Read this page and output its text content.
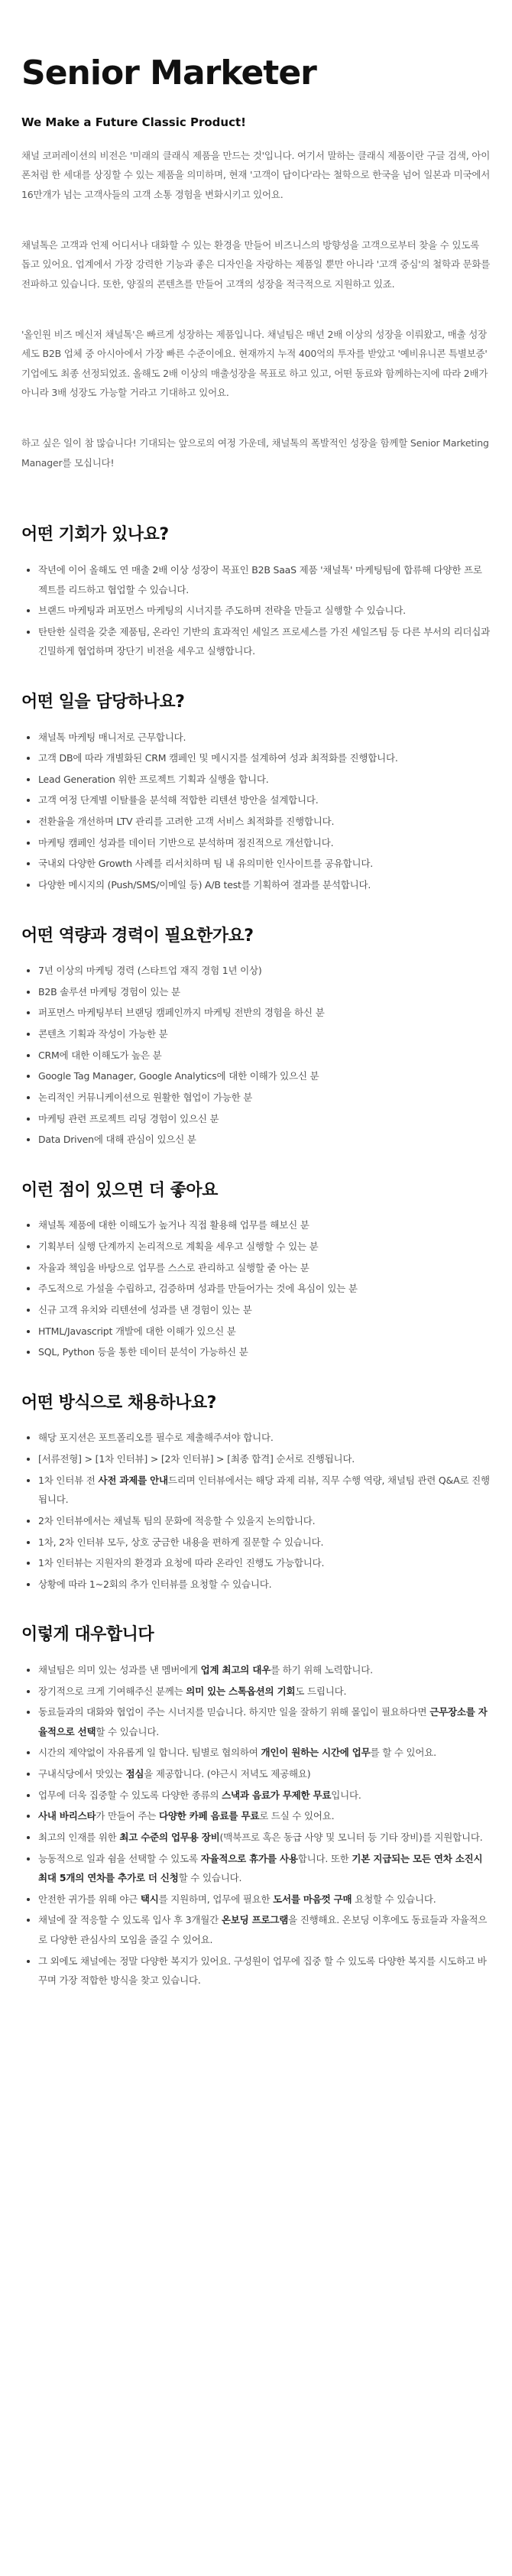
Senior Marketer

We Make a Future Classic Product!

채널 코퍼레이션의 비전은 '미래의 클래식 제품을 만드는 것'입니다. 여기서 말하는 클래식 제품이란 구글 검색, 아이폰처럼 한 세대를 상징할 수 있는 제품을 의미하며, 현재 '고객이 답이다'라는 철학으로 한국을 넘어 일본과 미국에서 16만개가 넘는 고객사들의 고객 소통 경험을 변화시키고 있어요.

채널톡은 고객과 언제 어디서나 대화할 수 있는 환경을 만들어 비즈니스의 방향성을 고객으로부터 찾을 수 있도록 돕고 있어요. 업계에서 가장 강력한 기능과 좋은 디자인을 자랑하는 제품일 뿐만 아니라 '고객 중심'의 철학과 문화를 전파하고 있습니다. 또한, 양질의 콘텐츠를 만들어 고객의 성장을 적극적으로 지원하고 있죠.

'올인원 비즈 메신저 채널톡'은 빠르게 성장하는 제품입니다. 채널팀은 매년 2배 이상의 성장을 이뤄왔고, 매출 성장세도 B2B 업체 중 아시아에서 가장 빠른 수준이에요. 현재까지 누적 400억의 투자를 받았고 '예비유니콘 특별보증' 기업에도 최종 선정되었죠. 올해도 2배 이상의 매출성장을 목표로 하고 있고, 어떤 동료와 함께하는지에 따라 2배가 아니라 3배 성장도 가능할 거라고 기대하고 있어요.

하고 싶은 일이 참 많습니다! 기대되는 앞으로의 여정 가운데, 채널톡의 폭발적인 성장을 함께할 Senior Marketing Manager를 모십니다!

어떤 기회가 있나요?
• 작년에 이어 올해도 연 매출 2배 이상 성장이 목표인 B2B SaaS 제품 '채널톡' 마케팅팀에 합류해 다양한 프로젝트를 리드하고 협업할 수 있습니다.
• 브랜드 마케팅과 퍼포먼스 마케팅의 시너지를 주도하며 전략을 만들고 실행할 수 있습니다.
• 탄탄한 실력을 갖춘 제품팀, 온라인 기반의 효과적인 세일즈 프로세스를 가진 세일즈팀 등 다른 부서의 리더십과 긴밀하게 협업하며 장단기 비전을 세우고 실행합니다.
어떤 일을 담당하나요?
• 채널톡 마케팅 매니저로 근무합니다.
• 고객 DB에 따라 개별화된 CRM 캠페인 및 메시지를 설계하여 성과 최적화를 진행합니다.
• Lead Generation 위한 프로젝트 기획과 실행을 합니다.
• 고객 여정 단계별 이탈률을 분석해 적합한 리텐션 방안을 설계합니다.
• 전환율을 개선하며 LTV 관리를 고려한 고객 서비스 최적화를 진행합니다.
• 마케팅 캠페인 성과를 데이터 기반으로 분석하며 점진적으로 개선합니다.
• 국내외 다양한 Growth 사례를 리서치하며 팀 내 유의미한 인사이트를 공유합니다.
• 다양한 메시지의 (Push/SMS/이메일 등) A/B test를 기획하여 결과를 분석합니다.
어떤 역량과 경력이 필요한가요?
• 7년 이상의 마케팅 경력 (스타트업 재직 경험 1년 이상)
• B2B 솔루션 마케팅 경험이 있는 분
• 퍼포먼스 마케팅부터 브랜딩 캠페인까지 마케팅 전반의 경험을 하신 분
• 콘텐츠 기획과 작성이 가능한 분
• CRM에 대한 이해도가 높은 분
• Google Tag Manager, Google Analytics에 대한 이해가 있으신 분
• 논리적인 커뮤니케이션으로 원활한 협업이 가능한 분
• 마케팅 관련 프로젝트 리딩 경험이 있으신 분
• Data Driven에 대해 관심이 있으신 분
이런 점이 있으면 더 좋아요
• 채널톡 제품에 대한 이해도가 높거나 직접 활용해 업무를 해보신 분
• 기획부터 실행 단계까지 논리적으로 계획을 세우고 실행할 수 있는 분
• 자율과 책임을 바탕으로 업무를 스스로 관리하고 실행할 줄 아는 분
• 주도적으로 가설을 수립하고, 검증하며 성과를 만들어가는 것에 욕심이 있는 분
• 신규 고객 유치와 리텐션에 성과를 낸 경험이 있는 분
• HTML/Javascript 개발에 대한 이해가 있으신 분
• SQL, Python 등을 통한 데이터 분석이 가능하신 분
어떤 방식으로 채용하나요?
• 해당 포지션은 포트폴리오를 필수로 제출해주셔야 합니다.
• [서류전형] > [1차 인터뷰] > [2차 인터뷰] > [최종 합격] 순서로 진행됩니다.
• 1차 인터뷰 전 사전 과제를 안내드리며 인터뷰에서는 해당 과제 리뷰, 직무 수행 역량, 채널팀 관련 Q&A로 진행됩니다.
• 2차 인터뷰에서는 채널톡 팀의 문화에 적응할 수 있을지 논의합니다.
• 1차, 2차 인터뷰 모두, 상호 궁금한 내용을 편하게 질문할 수 있습니다.
• 1차 인터뷰는 지원자의 환경과 요청에 따라 온라인 진행도 가능합니다.
• 상황에 따라 1~2회의 추가 인터뷰를 요청할 수 있습니다.
이렇게 대우합니다
• 채널팀은 의미 있는 성과를 낸 멤버에게 업계 최고의 대우를 하기 위해 노력합니다.
• 장기적으로 크게 기여해주신 분께는 의미 있는 스톡옵션의 기회도 드립니다.
• 동료들과의 대화와 협업이 주는 시너지를 믿습니다. 하지만 일을 잘하기 위해 몰입이 필요하다면 근무장소를 자율적으로 선택할 수 있습니다.
• 시간의 제약없이 자유롭게 일 합니다. 팀별로 협의하여 개인이 원하는 시간에 업무를 할 수 있어요.
• 구내식당에서 맛있는 점심을 제공합니다. (야근시 저녁도 제공해요)
• 업무에 더욱 집중할 수 있도록 다양한 종류의 스낵과 음료가 무제한 무료입니다.
• 사내 바리스타가 만들어 주는 다양한 카페 음료를 무료로 드실 수 있어요.
• 최고의 인재를 위한 최고 수준의 업무용 장비(맥북프로 혹은 동급 사양 및 모니터 등 기타 장비)를 지원합니다.
• 능동적으로 일과 쉼을 선택할 수 있도록 자율적으로 휴가를 사용합니다. 또한 기본 지급되는 모든 연차 소진시 최대 5개의 연차를 추가로 더 신청할 수 있습니다.
• 안전한 귀가를 위해 야근 택시를 지원하며, 업무에 필요한 도서를 마음껏 구매 요청할 수 있습니다.
• 채널에 잘 적응할 수 있도록 입사 후 3개월간 온보딩 프로그램을 진행해요. 온보딩 이후에도 동료들과 자율적으로 다양한 관심사의 모임을 즐길 수 있어요.
• 그 외에도 채널에는 정말 다양한 복지가 있어요. 구성원이 업무에 집중 할 수 있도록 다양한 복지를 시도하고 바꾸며 가장 적합한 방식을 찾고 있습니다.
